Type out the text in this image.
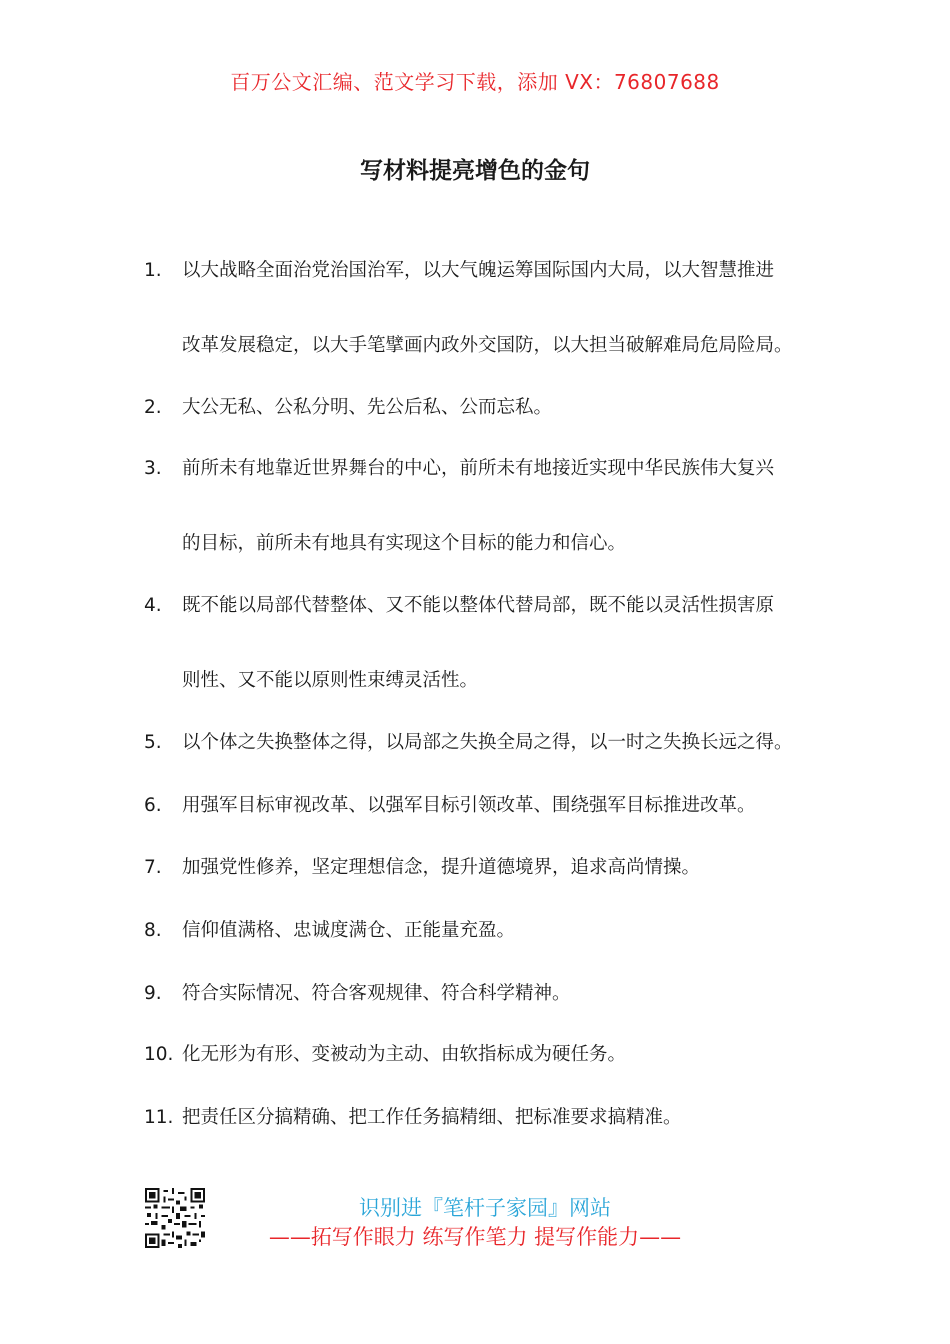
百万公文汇编、范文学习下载，添加 VX：76807688
写材料提亮增色的金句
1. 以大战略全面治党治国治军，以大气魄运筹国际国内大局，以大智慧推进
改革发展稳定，以大手笔擘画内政外交国防，以大担当破解难局危局险局。
2. 大公无私、公私分明、先公后私、公而忘私。
3. 前所未有地靠近世界舞台的中心，前所未有地接近实现中华民族伟大复兴
的目标，前所未有地具有实现这个目标的能力和信心。
4. 既不能以局部代替整体、又不能以整体代替局部，既不能以灵活性损害原
则性、又不能以原则性束缚灵活性。
5. 以个体之失换整体之得，以局部之失换全局之得，以一时之失换长远之得。
6. 用强军目标审视改革、以强军目标引领改革、围绕强军目标推进改革。
7. 加强党性修养，坚定理想信念，提升道德境界，追求高尚情操。
8. 信仰值满格、忠诚度满仓、正能量充盈。
9. 符合实际情况、符合客观规律、符合科学精神。
10. 化无形为有形、变被动为主动、由软指标成为硬任务。
11. 把责任区分搞精确、把工作任务搞精细、把标准要求搞精准。
识别进『笔杆子家园』网站
——拓写作眼力 练写作笔力 提写作能力——
